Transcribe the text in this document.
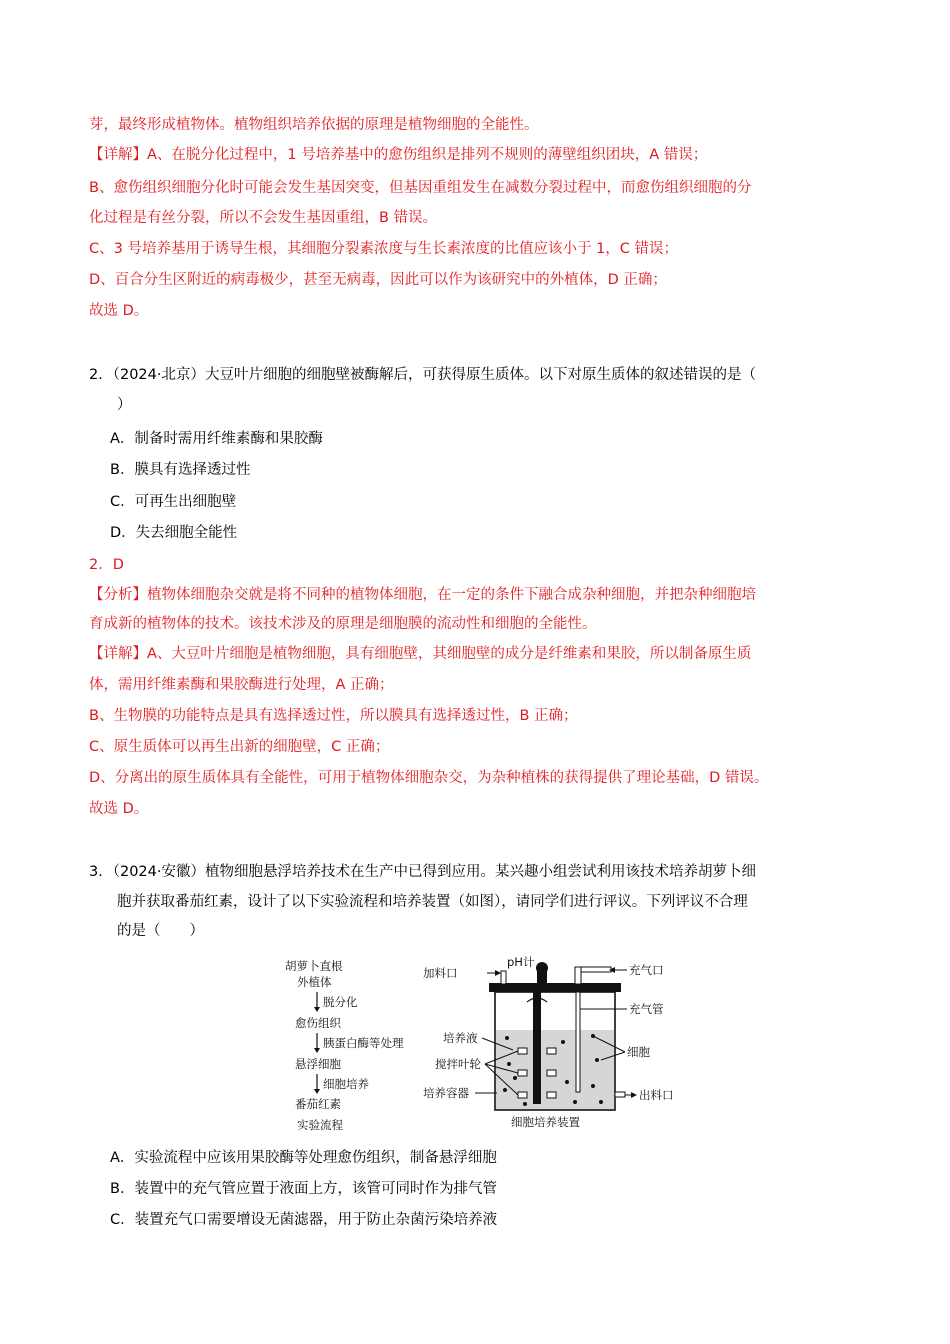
芽，最终形成植物体。植物组织培养依据的原理是植物细胞的全能性。
【详解】A、在脱分化过程中，1 号培养基中的愈伤组织是排列不规则的薄壁组织团块，A 错误；
B、愈伤组织细胞分化时可能会发生基因突变，但基因重组发生在减数分裂过程中，而愈伤组织细胞的分
化过程是有丝分裂，所以不会发生基因重组，B 错误。
C、3 号培养基用于诱导生根，其细胞分裂素浓度与生长素浓度的比值应该小于 1，C 错误；
D、百合分生区附近的病毒极少，甚至无病毒，因此可以作为该研究中的外植体，D 正确；
故选 D。
2．（2024·北京）大豆叶片细胞的细胞壁被酶解后，可获得原生质体。以下对原生质体的叙述错误的是（
）
A．制备时需用纤维素酶和果胶酶
B．膜具有选择透过性
C．可再生出细胞壁
D．失去细胞全能性
2．D
【分析】植物体细胞杂交就是将不同种的植物体细胞，在一定的条件下融合成杂种细胞，并把杂种细胞培
育成新的植物体的技术。该技术涉及的原理是细胞膜的流动性和细胞的全能性。
【详解】A、大豆叶片细胞是植物细胞，具有细胞壁，其细胞壁的成分是纤维素和果胶，所以制备原生质
体，需用纤维素酶和果胶酶进行处理，A 正确；
B、生物膜的功能特点是具有选择透过性，所以膜具有选择透过性，B 正确；
C、原生质体可以再生出新的细胞壁，C 正确；
D、分离出的原生质体具有全能性，可用于植物体细胞杂交，为杂种植株的获得提供了理论基础，D 错误。
故选 D。
3．（2024·安徽）植物细胞悬浮培养技术在生产中已得到应用。某兴趣小组尝试利用该技术培养胡萝卜细
胞并获取番茄红素，设计了以下实验流程和培养装置（如图），请同学们进行评议。下列评议不合理
的是（　　）
胡萝卜直根
外植体
脱分化
愈伤组织
胰蛋白酶等处理
悬浮细胞
细胞培养
番茄红素
实验流程
pH计
加料口	充气口
充气管
培养液
搅拌叶轮
培养容器
细胞
出料口
细胞培养装置
A．实验流程中应该用果胶酶等处理愈伤组织，制备悬浮细胞
B．装置中的充气管应置于液面上方，该管可同时作为排气管
C．装置充气口需要增设无菌滤器，用于防止杂菌污染培养液
